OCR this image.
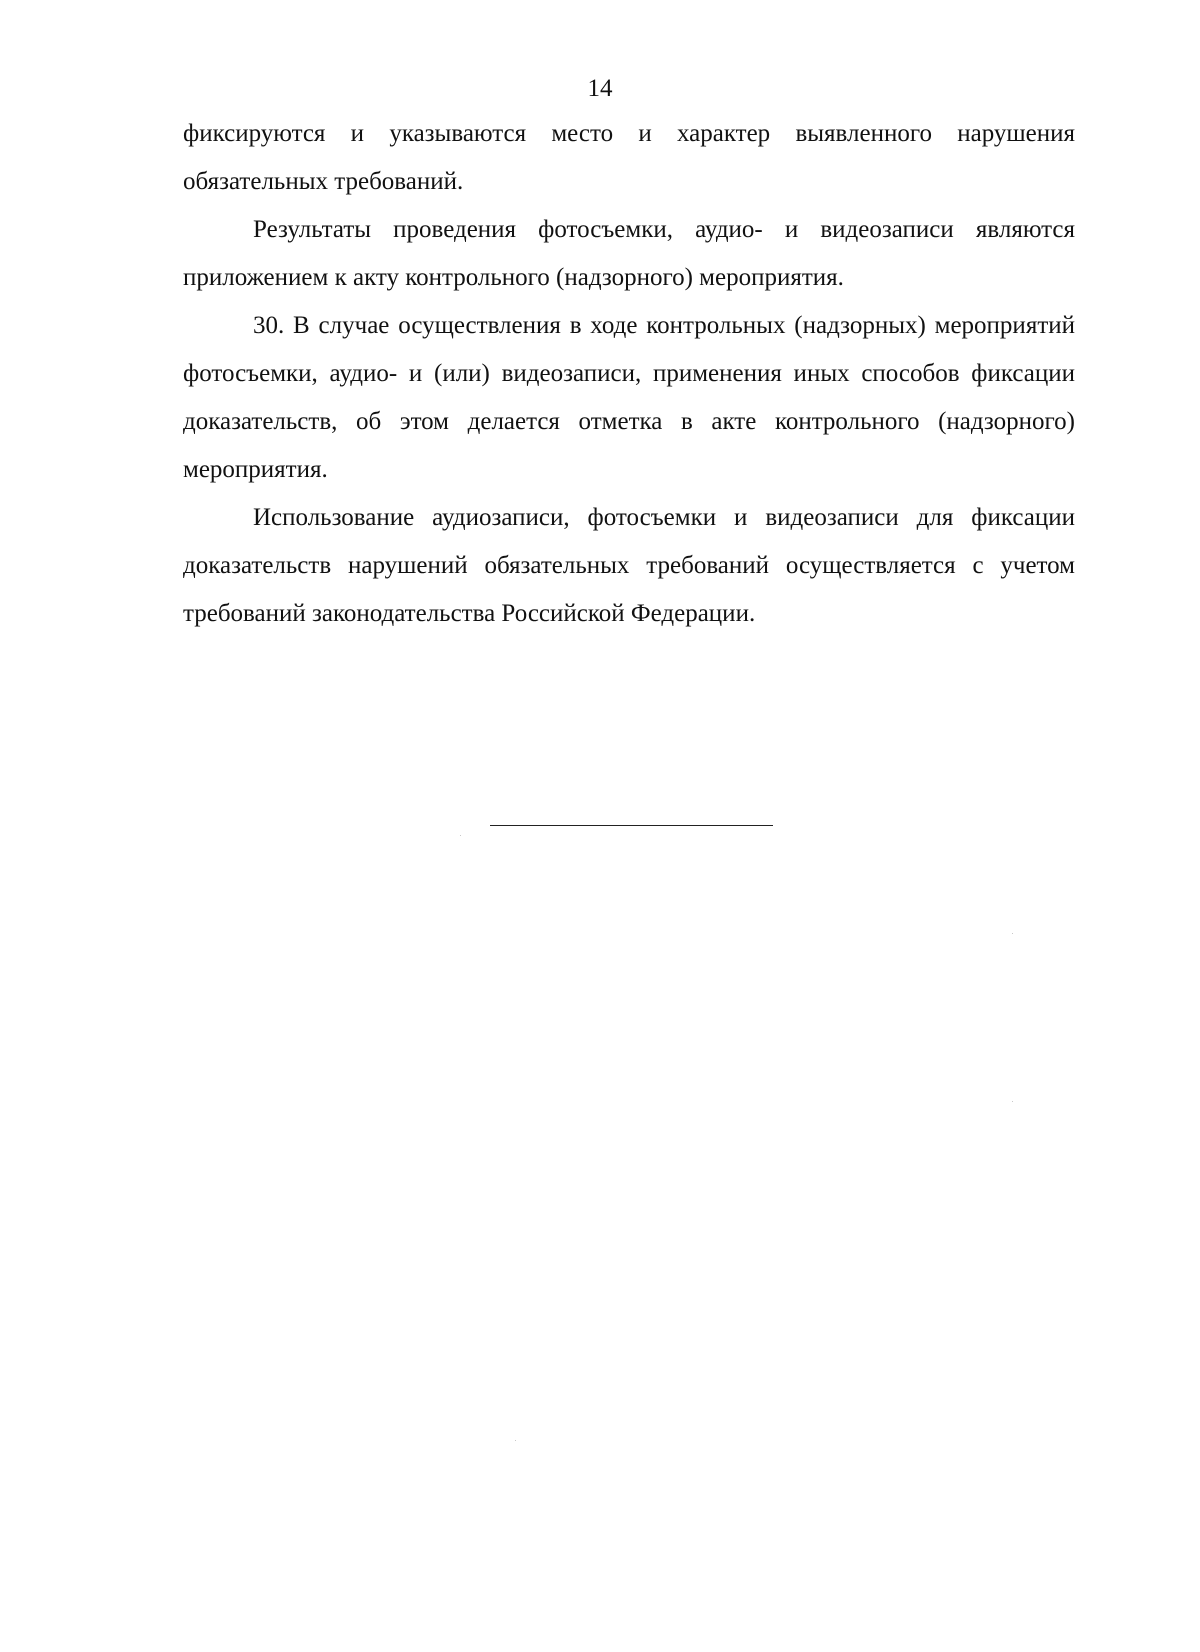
14

фиксируются и указываются место и характер выявленного нарушения обязательных требований.

Результаты проведения фотосъемки, аудио- и видеозаписи являются приложением к акту контрольного (надзорного) мероприятия.

30. В случае осуществления в ходе контрольных (надзорных) мероприятий фотосъемки, аудио- и (или) видеозаписи, применения иных способов фиксации доказательств, об этом делается отметка в акте контрольного (надзорного) мероприятия.

Использование аудиозаписи, фотосъемки и видеозаписи для фиксации доказательств нарушений обязательных требований осуществляется с учетом требований законодательства Российской Федерации.
